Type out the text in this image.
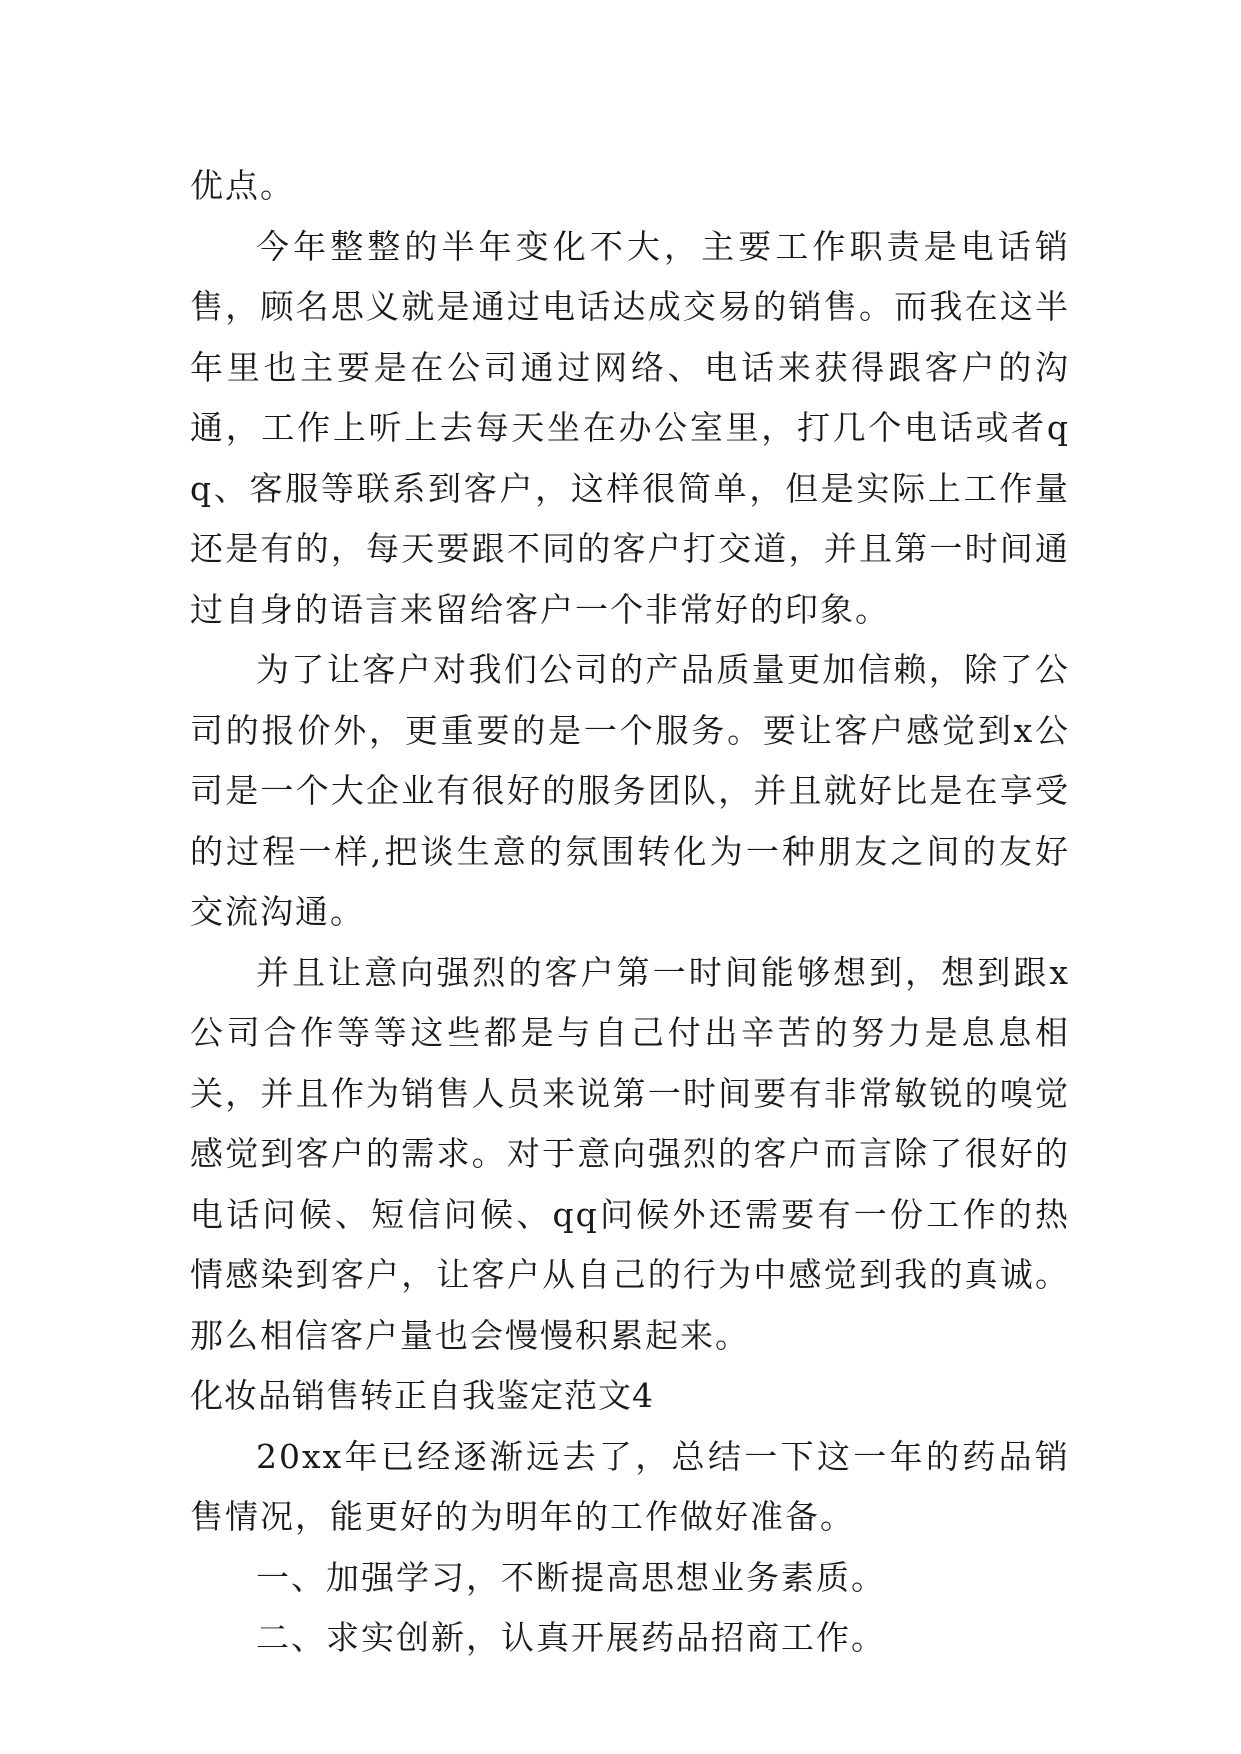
优点。

今年整整的半年变化不大，主要工作职责是电话销售，顾名思义就是通过电话达成交易的销售。而我在这半年里也主要是在公司通过网络、电话来获得跟客户的沟通，工作上听上去每天坐在办公室里，打几个电话或者qq、客服等联系到客户，这样很简单，但是实际上工作量还是有的，每天要跟不同的客户打交道，并且第一时间通过自身的语言来留给客户一个非常好的印象。

为了让客户对我们公司的产品质量更加信赖，除了公司的报价外，更重要的是一个服务。要让客户感觉到x公司是一个大企业有很好的服务团队，并且就好比是在享受的过程一样,把谈生意的氛围转化为一种朋友之间的友好交流沟通。

并且让意向强烈的客户第一时间能够想到，想到跟x公司合作等等这些都是与自己付出辛苦的努力是息息相关，并且作为销售人员来说第一时间要有非常敏锐的嗅觉感觉到客户的需求。对于意向强烈的客户而言除了很好的电话问候、短信问候、qq问候外还需要有一份工作的热情感染到客户，让客户从自己的行为中感觉到我的真诚。那么相信客户量也会慢慢积累起来。

化妆品销售转正自我鉴定范文4

20xx年已经逐渐远去了，总结一下这一年的药品销售情况，能更好的为明年的工作做好准备。

一、加强学习，不断提高思想业务素质。

二、求实创新，认真开展药品招商工作。
